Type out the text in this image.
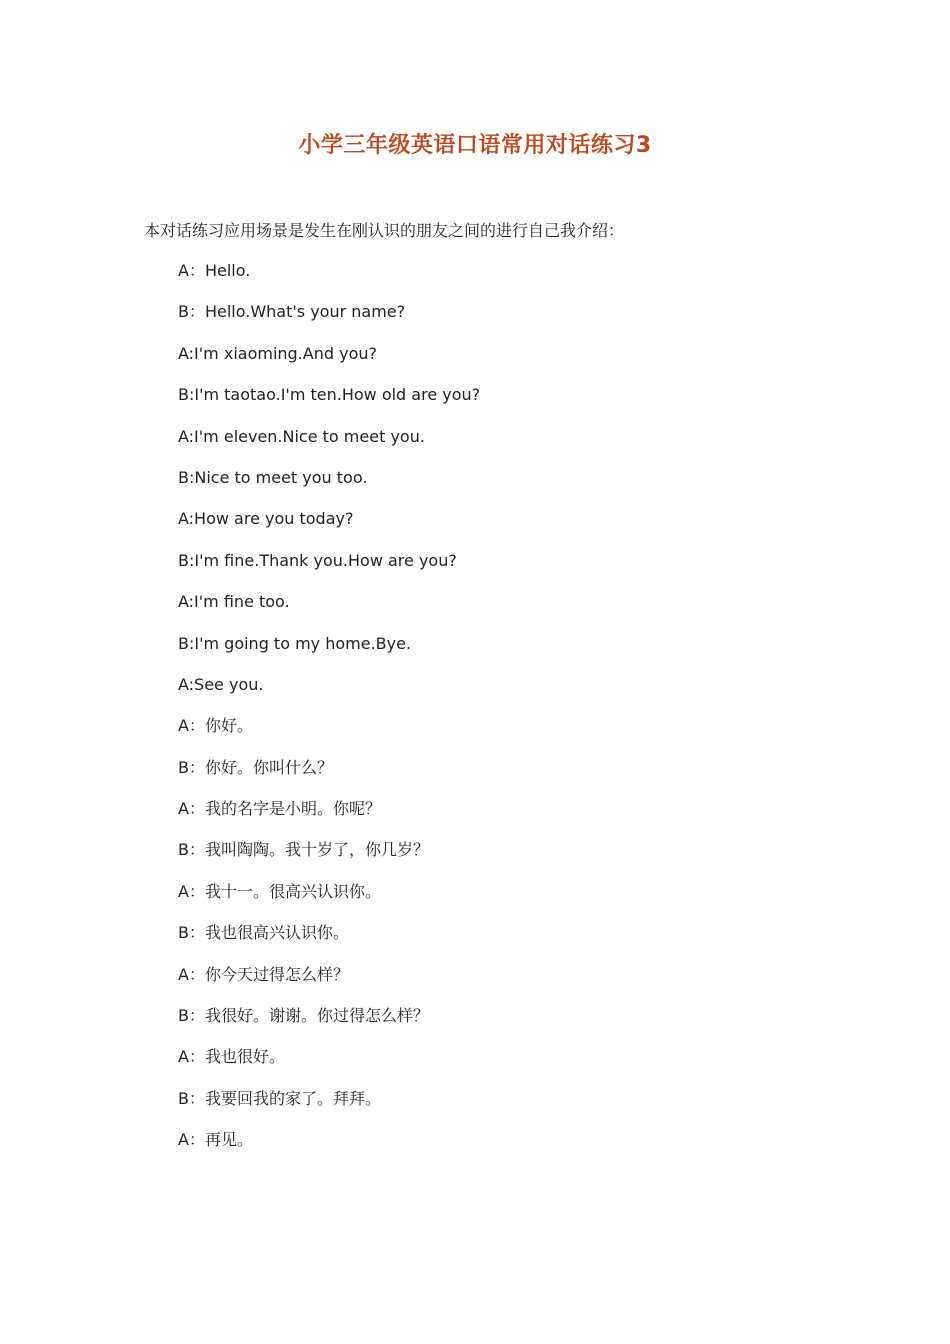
小学三年级英语口语常用对话练习3
本对话练习应用场景是发生在刚认识的朋友之间的进行自己我介绍：
A：Hello.
B：Hello.What's your name?
A:I'm xiaoming.And you?
B:I'm taotao.I'm ten.How old are you?
A:I'm eleven.Nice to meet you.
B:Nice to meet you too.
A:How are you today?
B:I'm fine.Thank you.How are you?
A:I'm fine too.
B:I'm going to my home.Bye.
A:See you.
A：你好。
B：你好。你叫什么？
A：我的名字是小明。你呢？
B：我叫陶陶。我十岁了，你几岁？
A：我十一。很高兴认识你。
B：我也很高兴认识你。
A：你今天过得怎么样？
B：我很好。谢谢。你过得怎么样？
A：我也很好。
B：我要回我的家了。拜拜。
A：再见。
